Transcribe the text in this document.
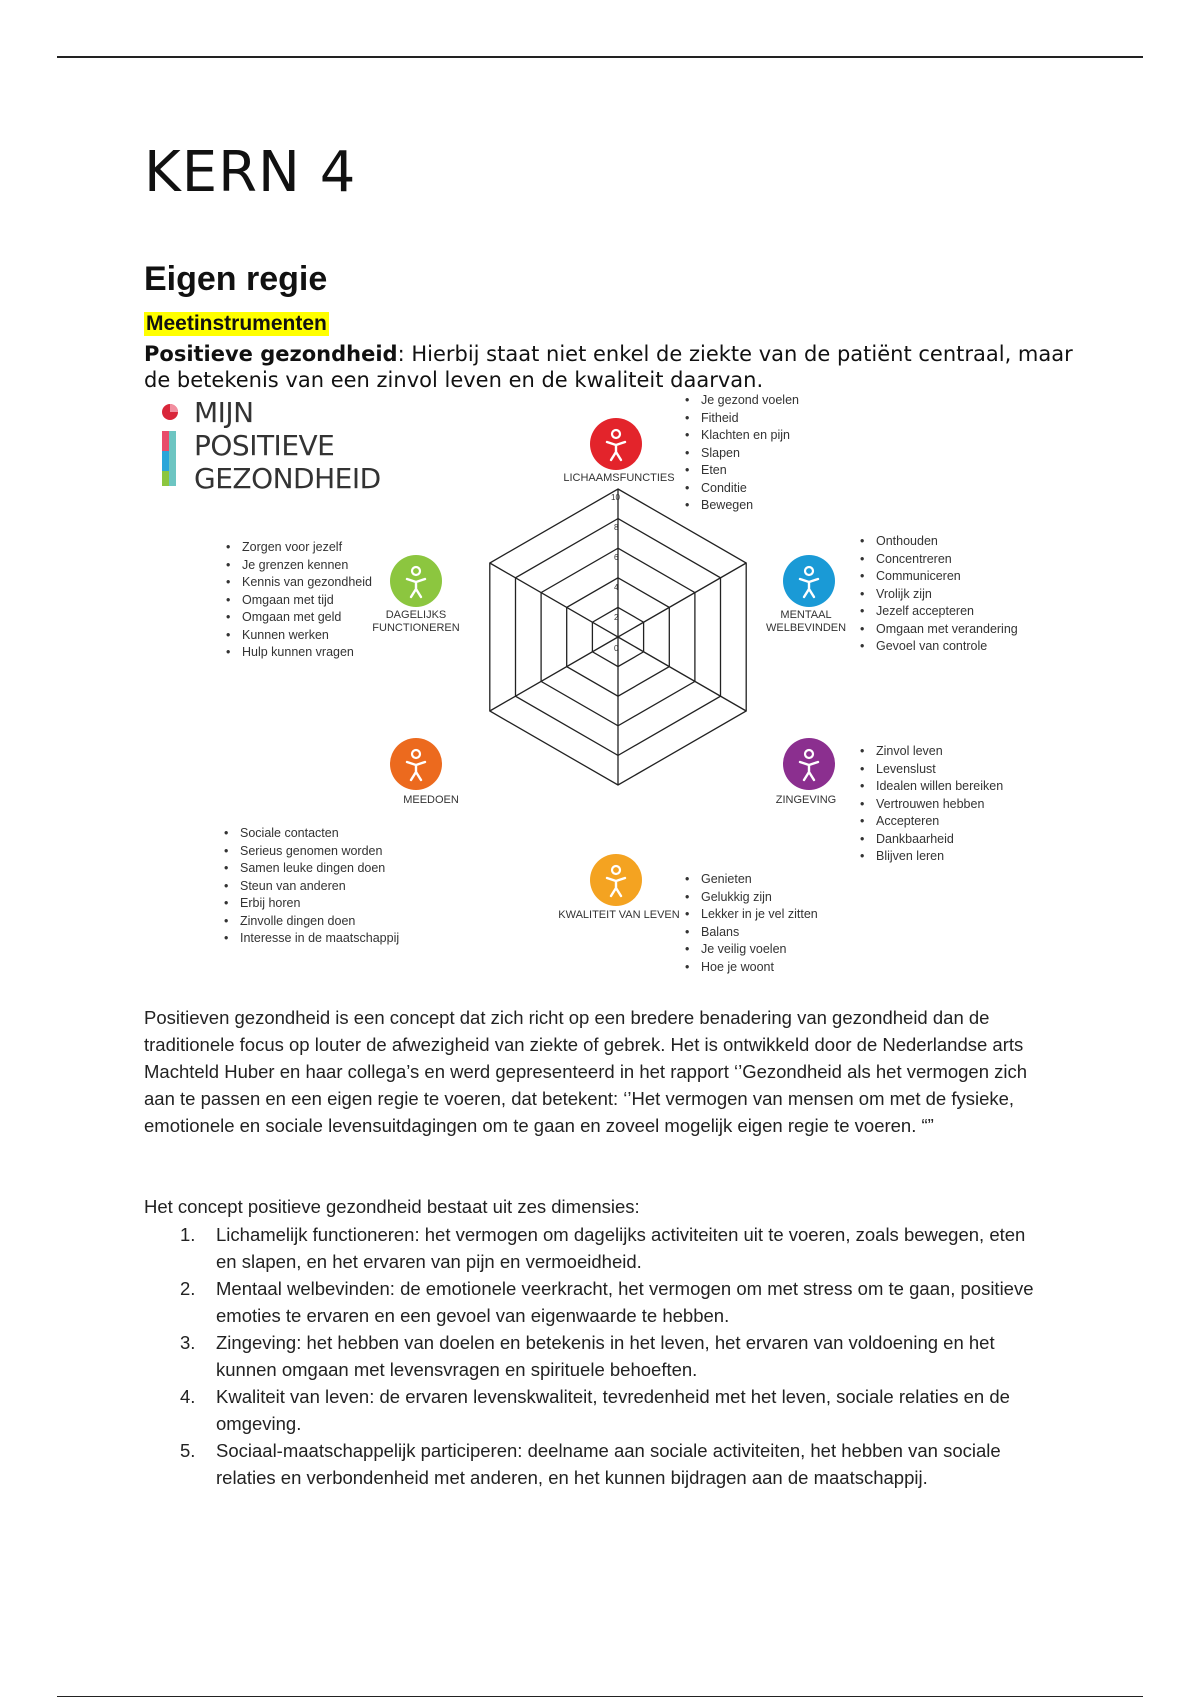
KERN 4
Eigen regie
Meetinstrumenten
Positieve gezondheid: Hierbij staat niet enkel de ziekte van de patiënt centraal, maar de betekenis van een zinvol leven en de kwaliteit daarvan.
MIJN
POSITIEVE
GEZONDHEID
10
8
6
4
2
0
LICHAAMSFUNCTIES
MENTAAL WELBEVINDEN
ZINGEVING
KWALITEIT VAN LEVEN
MEEDOEN
DAGELIJKS FUNCTIONEREN
• Je gezond voelen
• Fitheid
• Klachten en pijn
• Slapen
• Eten
• Conditie
• Bewegen
• Onthouden
• Concentreren
• Communiceren
• Vrolijk zijn
• Jezelf accepteren
• Omgaan met verandering
• Gevoel van controle
• Zinvol leven
• Levenslust
• Idealen willen bereiken
• Vertrouwen hebben
• Accepteren
• Dankbaarheid
• Blijven leren
• Genieten
• Gelukkig zijn
• Lekker in je vel zitten
• Balans
• Je veilig voelen
• Hoe je woont
• Sociale contacten
• Serieus genomen worden
• Samen leuke dingen doen
• Steun van anderen
• Erbij horen
• Zinvolle dingen doen
• Interesse in de maatschappij
• Zorgen voor jezelf
• Je grenzen kennen
• Kennis van gezondheid
• Omgaan met tijd
• Omgaan met geld
• Kunnen werken
• Hulp kunnen vragen
Positieven gezondheid is een concept dat zich richt op een bredere benadering van gezondheid dan de traditionele focus op louter de afwezigheid van ziekte of gebrek. Het is ontwikkeld door de Nederlandse arts Machteld Huber en haar collega’s en werd gepresenteerd in het rapport ‘’Gezondheid als het vermogen zich aan te passen en een eigen regie te voeren, dat betekent: ‘’Het vermogen van mensen om met de fysieke, emotionele en sociale levensuitdagingen om te gaan en zoveel mogelijk eigen regie te voeren. “”
Het concept positieve gezondheid bestaat uit zes dimensies:
1. Lichamelijk functioneren: het vermogen om dagelijks activiteiten uit te voeren, zoals bewegen, eten en slapen, en het ervaren van pijn en vermoeidheid.
2. Mentaal welbevinden: de emotionele veerkracht, het vermogen om met stress om te gaan, positieve emoties te ervaren en een gevoel van eigenwaarde te hebben.
3. Zingeving: het hebben van doelen en betekenis in het leven, het ervaren van voldoening en het kunnen omgaan met levensvragen en spirituele behoeften.
4. Kwaliteit van leven: de ervaren levenskwaliteit, tevredenheid met het leven, sociale relaties en de omgeving.
5. Sociaal-maatschappelijk participeren: deelname aan sociale activiteiten, het hebben van sociale relaties en verbondenheid met anderen, en het kunnen bijdragen aan de maatschappij.
